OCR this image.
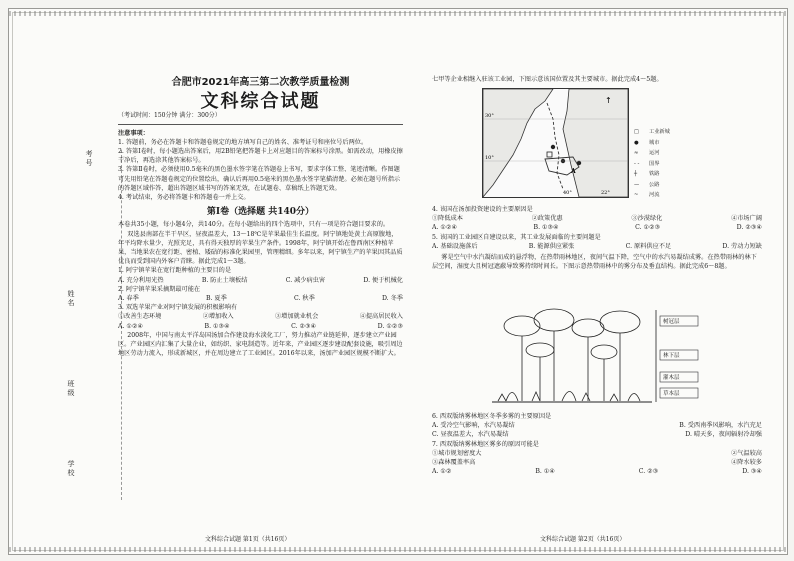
考号
姓名
班级
学校
合肥市2021年高三第二次教学质量检测
文科综合试题
（考试时间：150分钟 满分：300分）

注意事项：

1. 答题前，务必在答题卡和答题卷规定的地方填写自己的姓名、准考证号和座位号后两位。

2. 答第Ⅰ卷时，每小题选出答案后，用2B铅笔把答题卡上对应题目的答案标号涂黑。如需改动，用橡皮擦干净后，再选涂其他答案标号。

3. 答第Ⅱ卷时，必须使用0.5毫米的黑色墨水签字笔在答题卷上书写，要求字体工整、笔迹清晰。作图题可先用铅笔在答题卷规定的位置绘出，确认后再用0.5毫米的黑色墨水签字笔描清楚。必须在题号所指示的答题区域作答，超出答题区域书写的答案无效，在试题卷、草稿纸上答题无效。

4. 考试结束，务必将答题卡和答题卷一并上交。

第Ⅰ卷（选择题 共140分）

本卷共35小题，每小题4分，共140分。在每小题给出的四个选项中，只有一项是符合题目要求的。

双选县南部在半干旱区，昼夜温差大，13～18℃是苹果最佳生长温度。阿宁镇地处黄土高原腹地，年平均降水量少，光照充足，具有得天独厚的苹果生产条件。1998年，阿宁镇开始在鲁西南区种植苹果，当地果农在宽行距、密植、矮砧的标准化果园里，管理精细。多年以来，阿宁镇生产的苹果因其品质优良而受到国内外客户青睐。据此完成1～3题。

1. 阿宁镇苹果在宽行距种植的主要目的是

A. 充分利用光热	B. 防止土壤板结	C. 减少病虫害	D. 便于机械化

2. 阿宁镇苹果采摘期最可能在

A. 春季	B. 夏季	C. 秋季	D. 冬季

3. 双选苹果产业对阿宁镇发展的积极影响有

①改善生态环境	②增加收入	③增加就业机会	④提高居民收入
A. ①②④	B. ①③④	C. ②③④	D. ①②③

2008年，中国与南太平洋岛国汤加合作建设海水淡化工厂，努力推动产业链延伸，逐步建立产业园区。产业园区内汇集了大量企业，如纺织、家电制造等。近年来，产业园区逐步建设配套设施，吸引周边地区劳动力流入，形成新城区，并在周边建立了工业园区。2016年以来，汤加产业园区规模不断扩大。

文科综合试题 第1页（共16页）

七甲等企业相继入驻该工业园，下图示意该国位置及其主要城市。据此完成4～5题。

↑
30°
10°
22°
40°
A
□ 工业新城
● 城市
≈ 运河
- - 国界
┼ 铁路
— 公路
~ 河流

4. 该国在汤加投资建设的主要原因是

①降低成本	②政策优惠	③沙漠绿化	④市场广阔
A. ①②④	B. ①③④	C. ①②③	D. ②③④

5. 该国的工业园区自建设以来，其工业发展面临的主要问题是

A. 基础设施落后	B. 能源供应紧张	C. 原料供应不足	D. 劳动力短缺

雾是空气中水汽凝结而成的悬浮物，在热带雨林地区，夜间气温下降，空气中的水汽易凝结成雾。在热带雨林的林下层空间，湿度大且树冠遮蔽导致雾持续时间长。下图示意热带雨林中的雾分布及垂直结构。据此完成6～8题。

树冠层
林下层
灌木层
草本层

6. 西双版纳雾林地区冬季多雾的主要原因是

A. 受冷空气影响，水汽易凝结	B. 受西南季风影响，水汽充足
C. 昼夜温差大，水汽易凝结	D. 晴天多，夜间辐射冷却强

7. 西双版纳雾林地区雾多的原因可能是

①城市规划密度大	②气温较高
③森林覆盖率高	④降水较多
A. ①②	B. ①④	C. ②③	D. ③④
文科综合试题 第2页（共16页）
